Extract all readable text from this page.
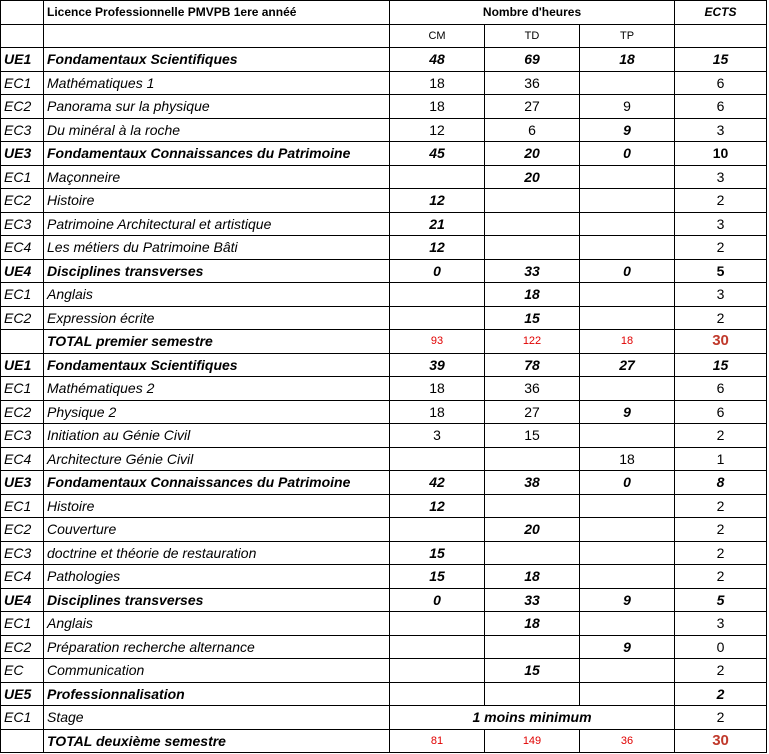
	Licence Professionnelle PMVPB 1ere annéé	Nombre d'heures			ECTS
		CM	TD	TP	
UE1	Fondamentaux Scientifiques	48	69	18	15
EC1	Mathématiques 1	18	36		6
EC2	Panorama sur la physique	18	27	9	6
EC3	Du minéral à la roche	12	6	9	3
UE3	Fondamentaux Connaissances du Patrimoine	45	20	0	10
EC1	Maçonneire		20		3
EC2	Histoire	12			2
EC3	Patrimoine Architectural et artistique	21			3
EC4	Les métiers du Patrimoine Bâti	12			2
UE4	Disciplines transverses	0	33	0	5
EC1	Anglais		18		3
EC2	Expression écrite		15		2
	TOTAL premier semestre	93	122	18	30
UE1	Fondamentaux Scientifiques	39	78	27	15
EC1	Mathématiques 2	18	36		6
EC2	Physique 2	18	27	9	6
EC3	Initiation au Génie Civil	3	15		2
EC4	Architecture Génie Civil			18	1
UE3	Fondamentaux Connaissances du Patrimoine	42	38	0	8
EC1	Histoire	12			2
EC2	Couverture		20		2
EC3	doctrine et théorie de restauration	15			2
EC4	Pathologies	15	18		2
UE4	Disciplines transverses	0	33	9	5
EC1	Anglais		18		3
EC2	Préparation recherche alternance			9	0
EC	Communication		15		2
UE5	Professionnalisation				2
EC1	Stage	1 moins minimum			2
	TOTAL deuxième semestre	81	149	36	30
